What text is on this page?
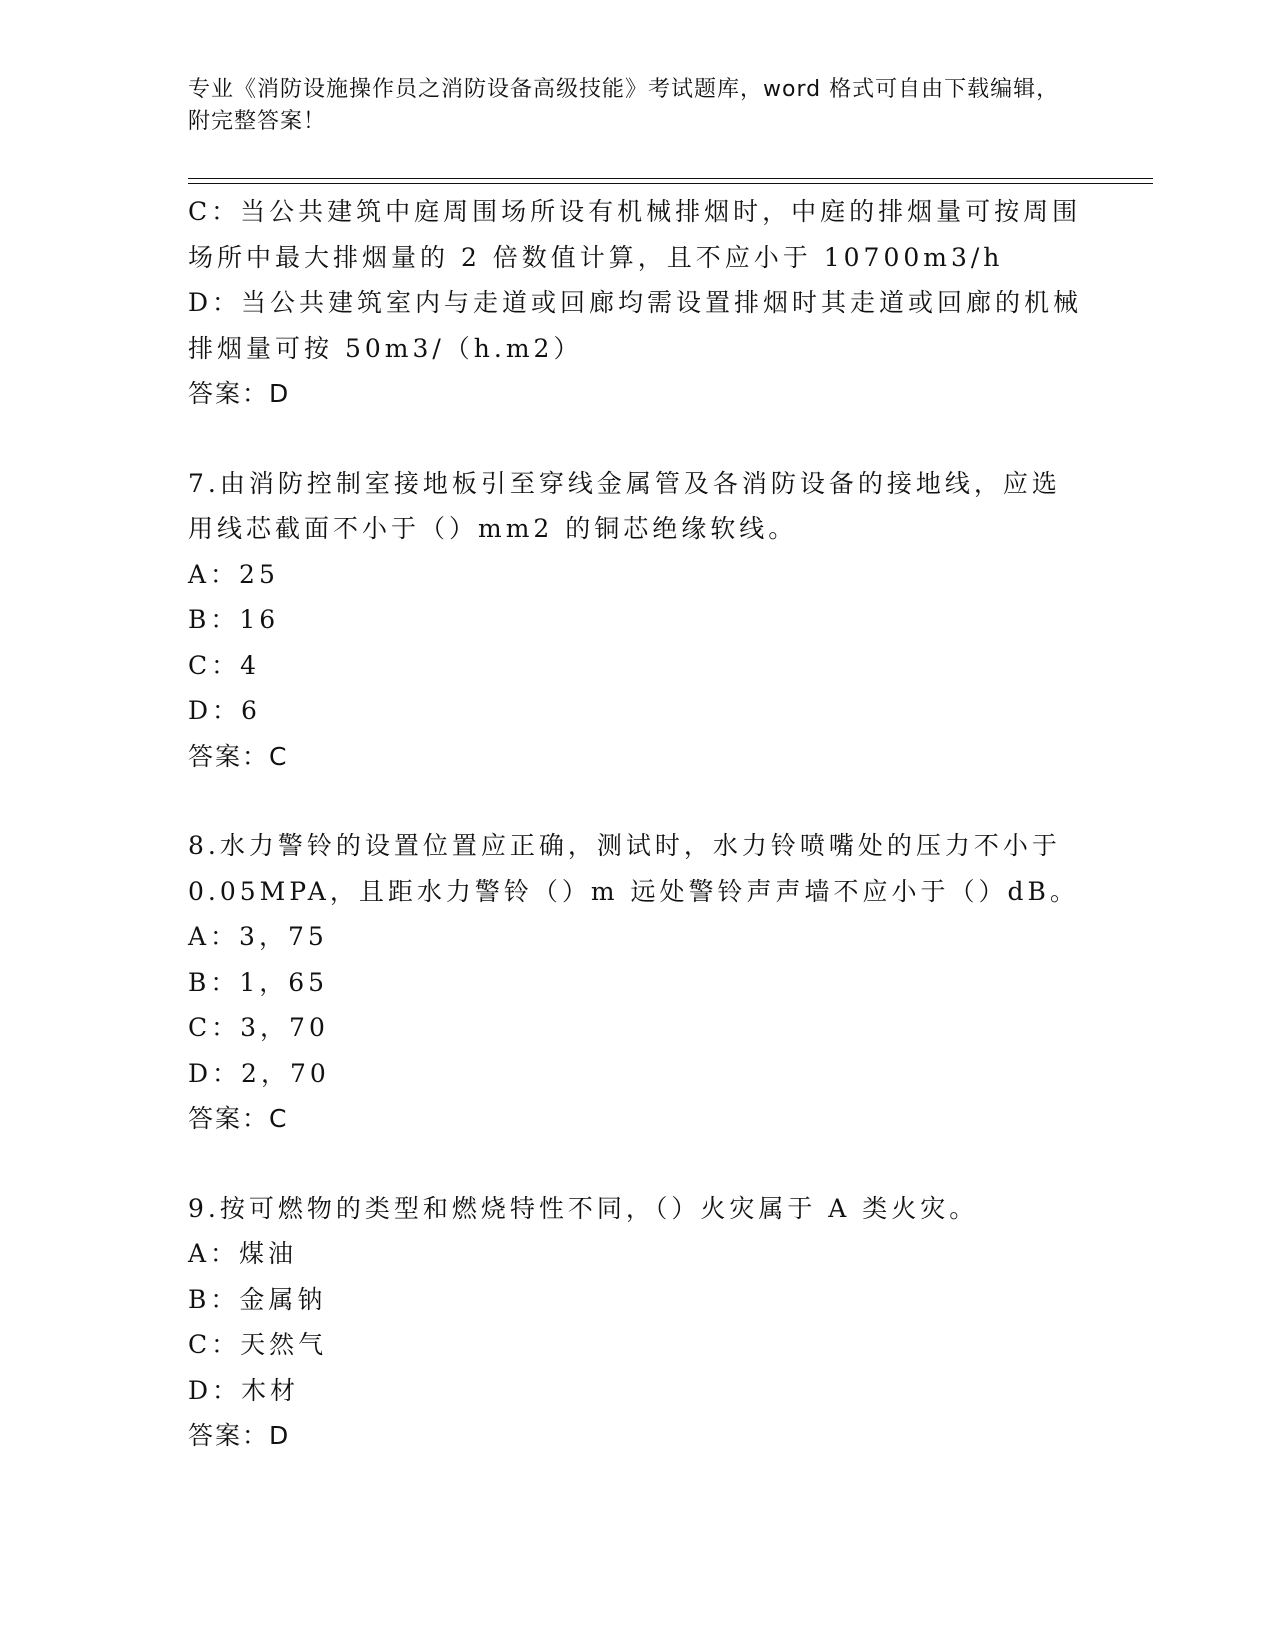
专业《消防设施操作员之消防设备高级技能》考试题库，word 格式可自由下载编辑，附完整答案！
C：当公共建筑中庭周围场所设有机械排烟时，中庭的排烟量可按周围
场所中最大排烟量的 2 倍数值计算，且不应小于 10700m3/h
D：当公共建筑室内与走道或回廊均需设置排烟时其走道或回廊的机械
排烟量可按 50m3/（h.m2）
答案：D
7.由消防控制室接地板引至穿线金属管及各消防设备的接地线，应选
用线芯截面不小于（）mm2 的铜芯绝缘软线。
A：25
B：16
C：4
D：6
答案：C
8.水力警铃的设置位置应正确，测试时，水力铃喷嘴处的压力不小于
0.05MPA，且距水力警铃（）m 远处警铃声声墙不应小于（）dB。
A：3，75
B：1，65
C：3，70
D：2，70
答案：C
9.按可燃物的类型和燃烧特性不同，（）火灾属于 A 类火灾。
A：煤油
B：金属钠
C：天然气
D：木材
答案：D
